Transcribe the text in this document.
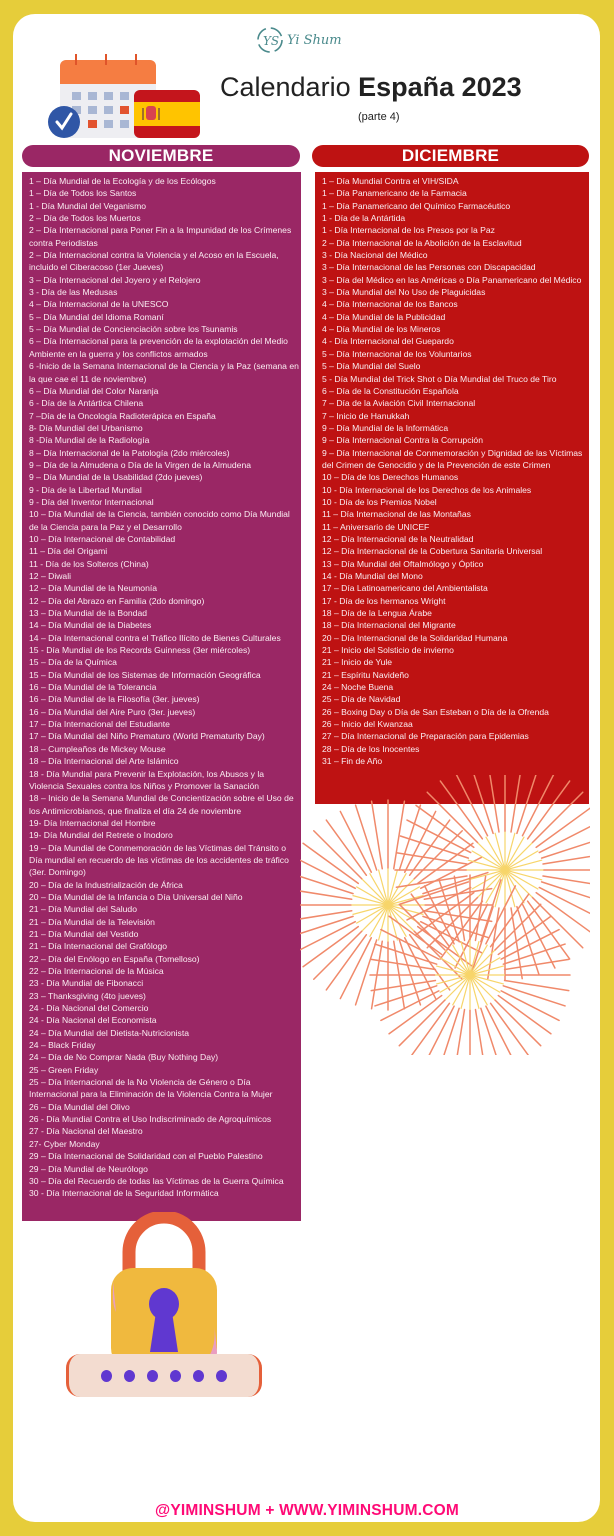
YS Yi Shum
Calendario España 2023
(parte 4)
NOVIEMBRE	DICIEMBRE
1 – Día Mundial de la Ecología y de los Ecólogos
1 – Día de Todos los Santos
1 - Día Mundial del Veganismo
2 – Día de Todos los Muertos
2 – Día Internacional para Poner Fin a la Impunidad de los Crímenes contra Periodistas
2 – Día Internacional contra la Violencia y el Acoso en la Escuela, incluido el Ciberacoso (1er Jueves)
3 – Día Internacional del Joyero y el Relojero
3 - Día de las Medusas
4 – Día Internacional de la UNESCO
5 – Día Mundial del Idioma Romaní
5 – Día Mundial de Concienciación sobre los Tsunamis
6 – Día Internacional para la prevención de la explotación del Medio Ambiente en la guerra y los conflictos armados
6 -Inicio de la Semana Internacional de la Ciencia y la Paz (semana en la que cae el 11 de noviembre)
6 – Día Mundial del Color Naranja
6 - Día de la Antártica Chilena
7 –Día de la Oncología Radioterápica en España
8- Día Mundial del Urbanismo
8 -Día Mundial de la Radiología
8 – Día Internacional de la Patología (2do miércoles)
9 – Día de la Almudena o Día de la Virgen de la Almudena
9 – Día Mundial de la Usabilidad (2do jueves)
9 - Día de la Libertad Mundial
9 - Día del Inventor Internacional
10 – Día Mundial de la Ciencia, también conocido como Día Mundial de la Ciencia para la Paz y el Desarrollo
10 – Día Internacional de Contabilidad
11 – Día del Origami
11 - Día de los Solteros (China)
12 – Diwali
12 – Día Mundial de la Neumonía
12 – Día del Abrazo en Familia (2do domingo)
13 – Día Mundial de la Bondad
14 – Día Mundial de la Diabetes
14 – Día Internacional contra el Tráfico Ilícito de Bienes Culturales
15 - Día Mundial de los Records Guinness (3er miércoles)
15 – Día de la Química
15 – Día Mundial de los Sistemas de Información Geográfica
16 – Día Mundial de la Tolerancia
16 – Día Mundial de la Filosofía (3er. jueves)
16 – Día Mundial del Aire Puro (3er. jueves)
17 – Día Internacional del Estudiante
17 – Día Mundial del Niño Prematuro (World Prematurity Day)
18 – Cumpleaños de Mickey Mouse
18 – Día Internacional del Arte Islámico
18 - Día Mundial para Prevenir la Explotación, los Abusos y la Violencia Sexuales contra los Niños y Promover la Sanación
18 – Inicio de la Semana Mundial de Concientización sobre el Uso de los Antimicrobianos, que finaliza el día 24 de noviembre
19- Día Internacional del Hombre
19- Día Mundial del Retrete o Inodoro
19 – Día Mundial de Conmemoración de las Víctimas del Tránsito o Día mundial en recuerdo de las víctimas de los accidentes de tráfico (3er. Domingo)
20 – Día de la Industrialización de África
20 – Día Mundial de la Infancia o Día Universal del Niño
21 – Día Mundial del Saludo
21 – Día Mundial de la Televisión
21 – Día Mundial del Vestido
21 – Día Internacional del Grafólogo
22 – Día del Enólogo en España (Tomelloso)
22 – Día Internacional de la Música
23 - Día Mundial de Fibonacci
23 – Thanksgiving (4to jueves)
24 - Día Nacional del Comercio
24 - Día Nacional del Economista
24 – Día Mundial del Dietista-Nutricionista
24 – Black Friday
24 – Día de No Comprar Nada (Buy Nothing Day)
25 – Green Friday
25 – Día Internacional de la No Violencia de Género o Día Internacional para la Eliminación de la Violencia Contra la Mujer
26 – Día Mundial del Olivo
26 - Día Mundial Contra el Uso Indiscriminado de Agroquímicos
27 - Día Nacional del Maestro
27- Cyber Monday
29 – Día Internacional de Solidaridad con el Pueblo Palestino
29 – Día Mundial de Neurólogo
30 – Día del Recuerdo de todas las Víctimas de la Guerra Química
30 - Día Internacional de la Seguridad Informática
1 – Día Mundial Contra el VIH/SIDA
1 – Día Panamericano de la Farmacia
1 – Día Panamericano del Químico Farmacéutico
1 - Día de la Antártida
1 - Día Internacional de los Presos por la Paz
2 – Día Internacional de la Abolición de la Esclavitud
3 - Día Nacional del Médico
3 – Día Internacional de las Personas con Discapacidad
3 – Día del Médico en las Américas o Día Panamericano del Médico
3 – Día Mundial del No Uso de Plaguicidas
4 – Día Internacional de los Bancos
4 – Día Mundial de la Publicidad
4 – Día Mundial de los Mineros
4 - Día Internacional del Guepardo
5 – Día Internacional de los Voluntarios
5 – Día Mundial del Suelo
5 - Día Mundial del Trick Shot o Día Mundial del Truco de Tiro
6 – Día de la Constitución Española
7 – Día de la Aviación Civil Internacional
7 – Inicio de Hanukkah
9 – Día Mundial de la Informática
9 – Día Internacional Contra la Corrupción
9 – Día Internacional de Conmemoración y Dignidad de las Víctimas del Crimen de Genocidio y de la Prevención de este Crimen
10 – Día de los Derechos Humanos
10 - Día Internacional de los Derechos de los Animales
10 - Día de los Premios Nobel
11 – Día Internacional de las Montañas
11 – Aniversario de UNICEF
12 – Día Internacional de la Neutralidad
12 – Día Internacional de la Cobertura Sanitaria Universal
13 – Día Mundial del Oftalmólogo y Óptico
14 - Día Mundial del Mono
17 – Día Latinoamericano del Ambientalista
17 - Día de los hermanos Wright
18 – Día de la Lengua Árabe
18 – Día Internacional del Migrante
20 – Día Internacional de la Solidaridad Humana
21 – Inicio del Solsticio de invierno
21 – Inicio de Yule
21 – Espíritu Navideño
24 – Noche Buena
25 – Día de Navidad
26 – Boxing Day o Día de San Esteban o Día de la Ofrenda
26 – Inicio del Kwanzaa
27 – Día Internacional de Preparación para Epidemias
28 – Día de los Inocentes
31 – Fin de Año
@YIMINSHUM + WWW.YIMINSHUM.COM
